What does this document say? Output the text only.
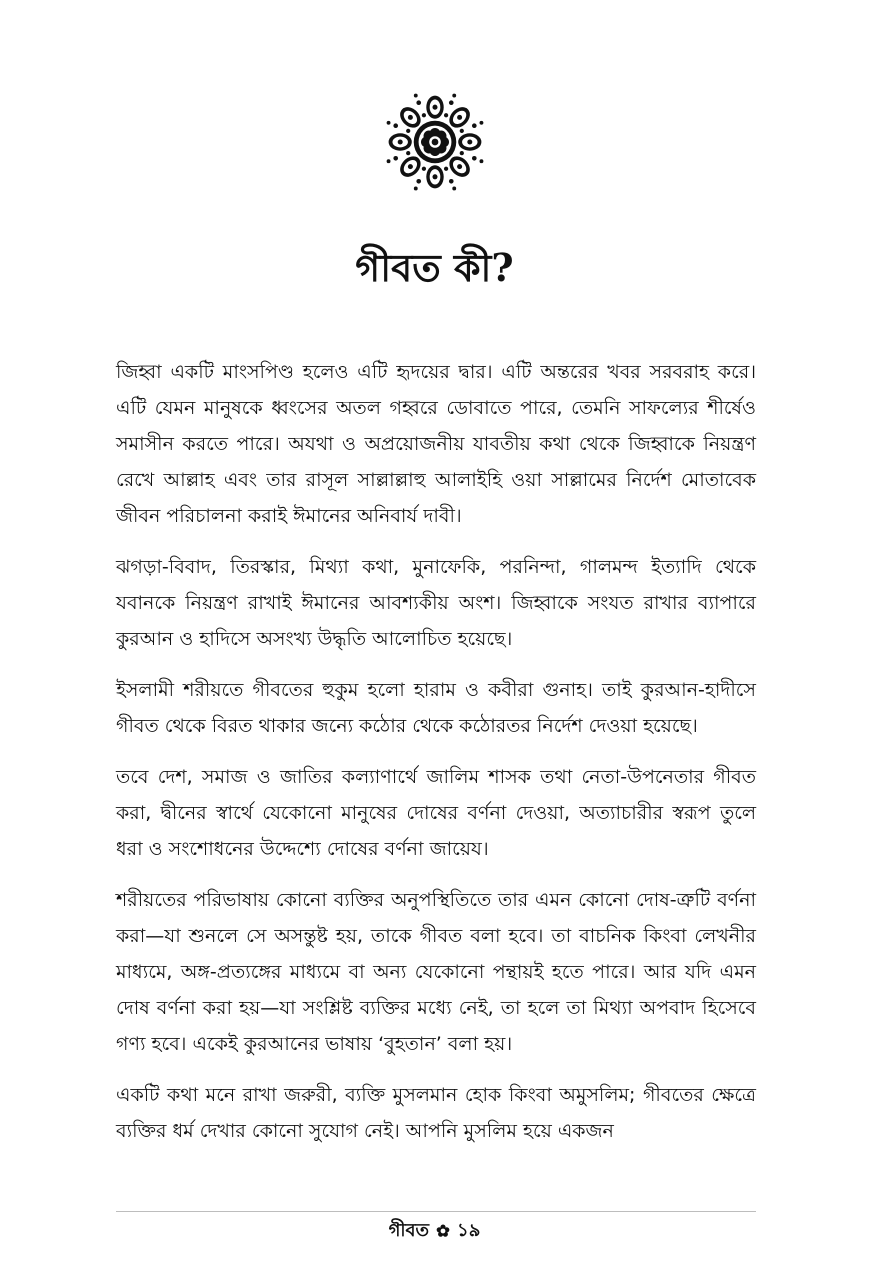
গীবত কী?

জিহ্বা একটি মাংসপিণ্ড হলেও এটি হৃদয়ের দ্বার। এটি অন্তরের খবর সরবরাহ করে। এটি যেমন মানুষকে ধ্বংসের অতল গহ্বরে ডোবাতে পারে, তেমনি সাফল্যের শীর্ষেও সমাসীন করতে পারে। অযথা ও অপ্রয়োজনীয় যাবতীয় কথা থেকে জিহ্বাকে নিয়ন্ত্রণ রেখে আল্লাহ এবং তার রাসূল সাল্লাল্লাহু আলাইহি ওয়া সাল্লামের নির্দেশ মোতাবেক জীবন পরিচালনা করাই ঈমানের অনিবার্য দাবী।

ঝগড়া-বিবাদ, তিরস্কার, মিথ্যা কথা, মুনাফেকি, পরনিন্দা, গালমন্দ ইত্যাদি থেকে যবানকে নিয়ন্ত্রণ রাখাই ঈমানের আবশ্যকীয় অংশ। জিহ্বাকে সংযত রাখার ব্যাপারে কুরআন ও হাদিসে অসংখ্য উদ্ধৃতি আলোচিত হয়েছে।

ইসলামী শরীয়তে গীবতের হুকুম হলো হারাম ও কবীরা গুনাহ। তাই কুরআন-হাদীসে গীবত থেকে বিরত থাকার জন্যে কঠোর থেকে কঠোরতর নির্দেশ দেওয়া হয়েছে।

তবে দেশ, সমাজ ও জাতির কল্যাণার্থে জালিম শাসক তথা নেতা-উপনেতার গীবত করা, দ্বীনের স্বার্থে যেকোনো মানুষের দোষের বর্ণনা দেওয়া, অত্যাচারীর স্বরূপ তুলে ধরা ও সংশোধনের উদ্দেশ্যে দোষের বর্ণনা জায়েয।

শরীয়তের পরিভাষায় কোনো ব্যক্তির অনুপস্থিতিতে তার এমন কোনো দোষ-ত্রুটি বর্ণনা করা—যা শুনলে সে অসন্তুষ্ট হয়, তাকে গীবত বলা হবে। তা বাচনিক কিংবা লেখনীর মাধ্যমে, অঙ্গ-প্রত্যঙ্গের মাধ্যমে বা অন্য যেকোনো পন্থায়ই হতে পারে। আর যদি এমন দোষ বর্ণনা করা হয়—যা সংশ্লিষ্ট ব্যক্তির মধ্যে নেই, তা হলে তা মিথ্যা অপবাদ হিসেবে গণ্য হবে। একেই কুরআনের ভাষায় ‘বুহতান’ বলা হয়।

একটি কথা মনে রাখা জরুরী, ব্যক্তি মুসলমান হোক কিংবা অমুসলিম; গীবতের ক্ষেত্রে ব্যক্তির ধর্ম দেখার কোনো সুযোগ নেই। আপনি মুসলিম হয়ে একজন

গীবত ১৯
